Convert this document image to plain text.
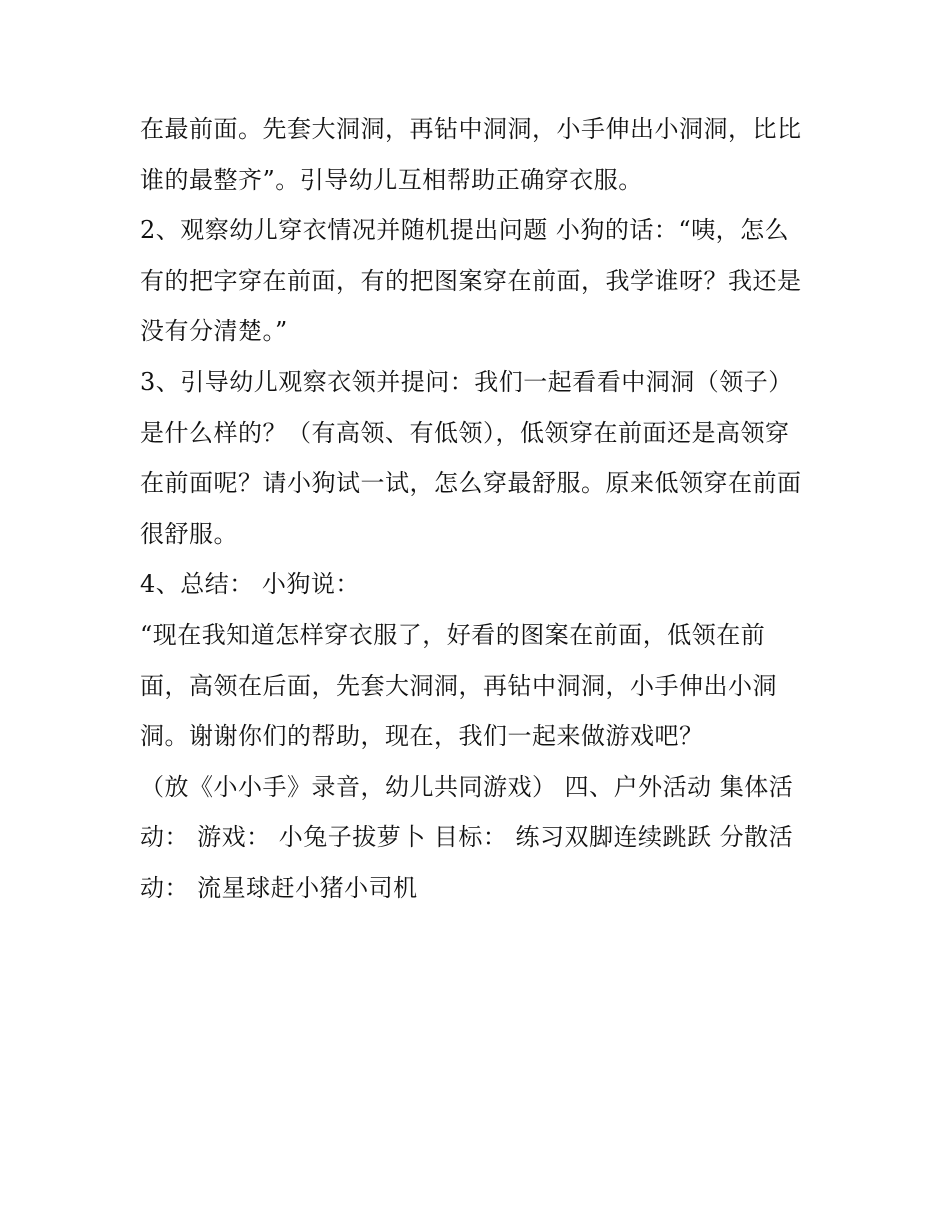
在最前面。先套大洞洞，再钻中洞洞，小手伸出小洞洞，比比
谁的最整齐”。引导幼儿互相帮助正确穿衣服。
2、观察幼儿穿衣情况并随机提出问题 小狗的话：“咦，怎么
有的把字穿在前面，有的把图案穿在前面，我学谁呀？我还是
没有分清楚。”
3、引导幼儿观察衣领并提问：我们一起看看中洞洞（领子）
是什么样的？（有高领、有低领），低领穿在前面还是高领穿
在前面呢？请小狗试一试，怎么穿最舒服。原来低领穿在前面
很舒服。
4、总结： 小狗说：
“现在我知道怎样穿衣服了，好看的图案在前面，低领在前
面，高领在后面，先套大洞洞，再钻中洞洞，小手伸出小洞
洞。谢谢你们的帮助，现在，我们一起来做游戏吧？
（放《小小手》录音，幼儿共同游戏） 四、户外活动 集体活
动： 游戏： 小兔子拔萝卜 目标： 练习双脚连续跳跃 分散活
动： 流星球赶小猪小司机
